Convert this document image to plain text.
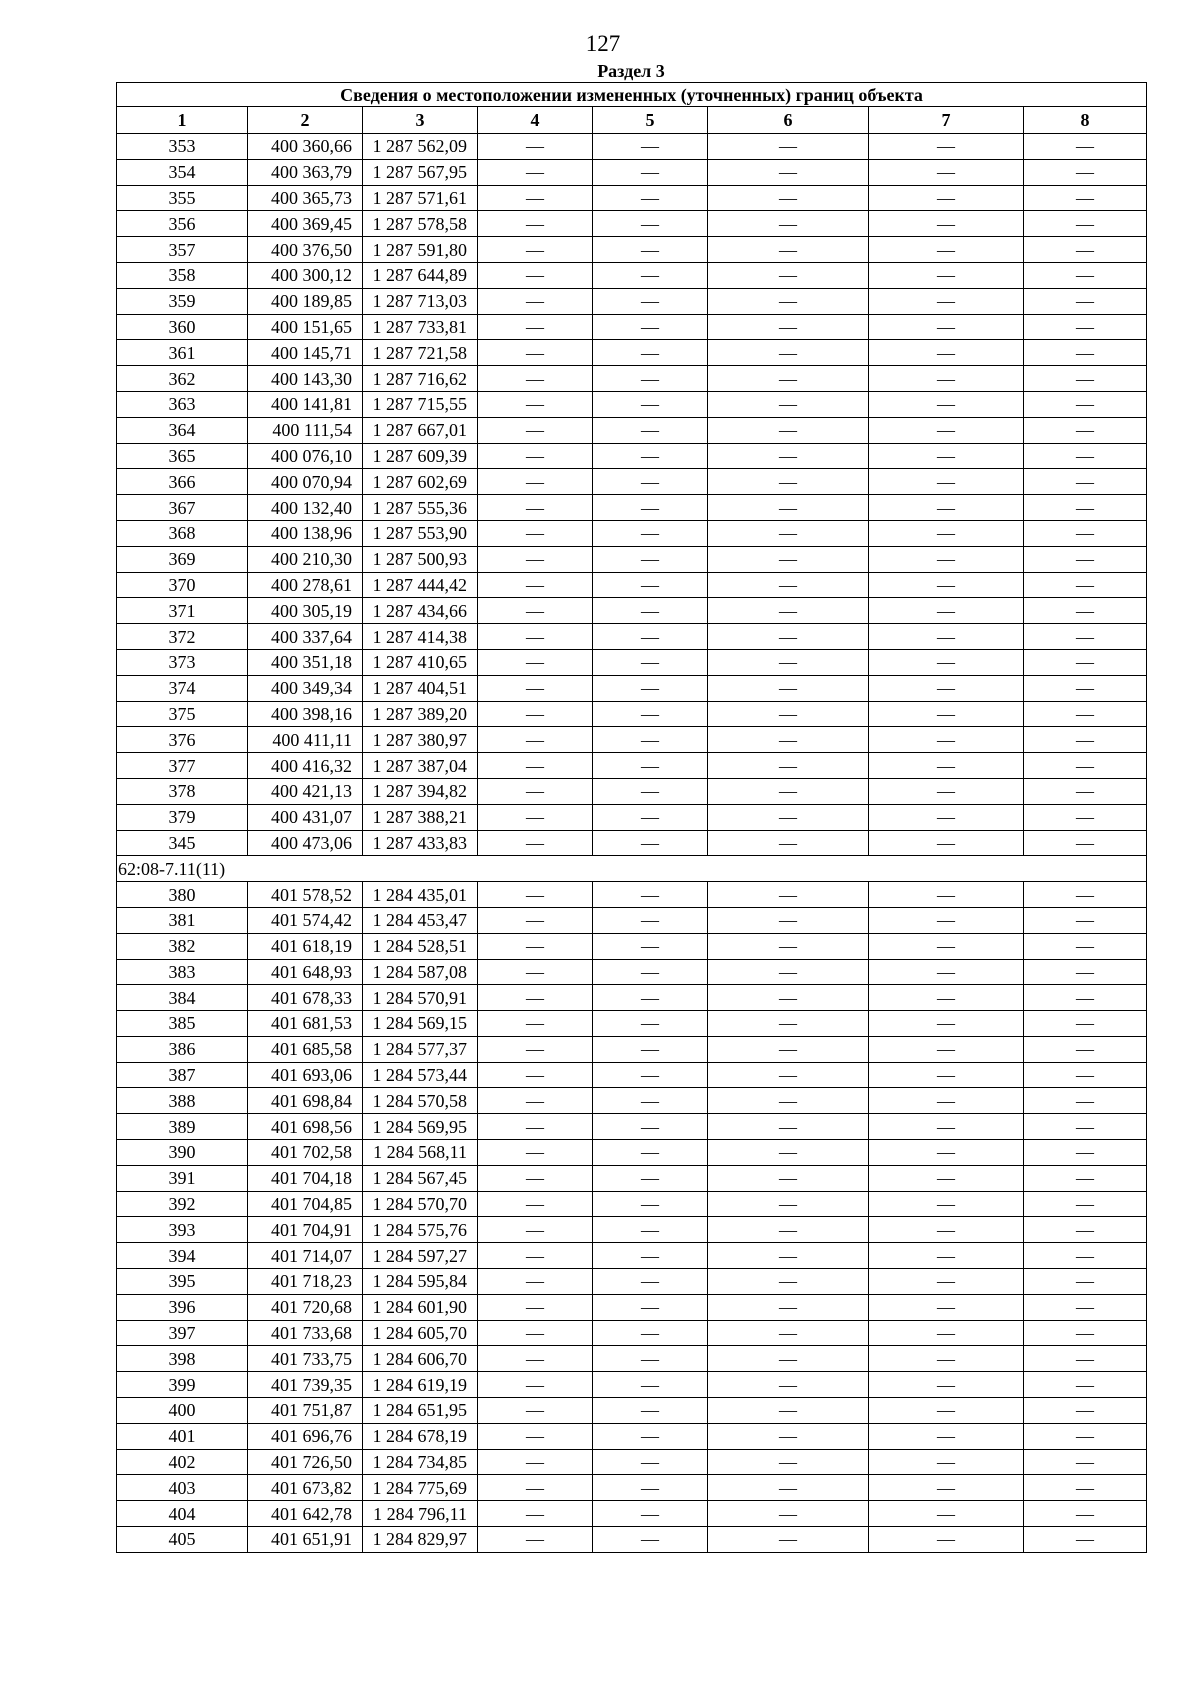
127
Раздел 3
Сведения о местоположении измененных (уточненных) границ объекта							
1	2	3	4	5	6	7	8
353	400 360,66	1 287 562,09	—	—	—	—	—
354	400 363,79	1 287 567,95	—	—	—	—	—
355	400 365,73	1 287 571,61	—	—	—	—	—
356	400 369,45	1 287 578,58	—	—	—	—	—
357	400 376,50	1 287 591,80	—	—	—	—	—
358	400 300,12	1 287 644,89	—	—	—	—	—
359	400 189,85	1 287 713,03	—	—	—	—	—
360	400 151,65	1 287 733,81	—	—	—	—	—
361	400 145,71	1 287 721,58	—	—	—	—	—
362	400 143,30	1 287 716,62	—	—	—	—	—
363	400 141,81	1 287 715,55	—	—	—	—	—
364	400 111,54	1 287 667,01	—	—	—	—	—
365	400 076,10	1 287 609,39	—	—	—	—	—
366	400 070,94	1 287 602,69	—	—	—	—	—
367	400 132,40	1 287 555,36	—	—	—	—	—
368	400 138,96	1 287 553,90	—	—	—	—	—
369	400 210,30	1 287 500,93	—	—	—	—	—
370	400 278,61	1 287 444,42	—	—	—	—	—
371	400 305,19	1 287 434,66	—	—	—	—	—
372	400 337,64	1 287 414,38	—	—	—	—	—
373	400 351,18	1 287 410,65	—	—	—	—	—
374	400 349,34	1 287 404,51	—	—	—	—	—
375	400 398,16	1 287 389,20	—	—	—	—	—
376	400 411,11	1 287 380,97	—	—	—	—	—
377	400 416,32	1 287 387,04	—	—	—	—	—
378	400 421,13	1 287 394,82	—	—	—	—	—
379	400 431,07	1 287 388,21	—	—	—	—	—
345	400 473,06	1 287 433,83	—	—	—	—	—
62:08-7.11(11)							
380	401 578,52	1 284 435,01	—	—	—	—	—
381	401 574,42	1 284 453,47	—	—	—	—	—
382	401 618,19	1 284 528,51	—	—	—	—	—
383	401 648,93	1 284 587,08	—	—	—	—	—
384	401 678,33	1 284 570,91	—	—	—	—	—
385	401 681,53	1 284 569,15	—	—	—	—	—
386	401 685,58	1 284 577,37	—	—	—	—	—
387	401 693,06	1 284 573,44	—	—	—	—	—
388	401 698,84	1 284 570,58	—	—	—	—	—
389	401 698,56	1 284 569,95	—	—	—	—	—
390	401 702,58	1 284 568,11	—	—	—	—	—
391	401 704,18	1 284 567,45	—	—	—	—	—
392	401 704,85	1 284 570,70	—	—	—	—	—
393	401 704,91	1 284 575,76	—	—	—	—	—
394	401 714,07	1 284 597,27	—	—	—	—	—
395	401 718,23	1 284 595,84	—	—	—	—	—
396	401 720,68	1 284 601,90	—	—	—	—	—
397	401 733,68	1 284 605,70	—	—	—	—	—
398	401 733,75	1 284 606,70	—	—	—	—	—
399	401 739,35	1 284 619,19	—	—	—	—	—
400	401 751,87	1 284 651,95	—	—	—	—	—
401	401 696,76	1 284 678,19	—	—	—	—	—
402	401 726,50	1 284 734,85	—	—	—	—	—
403	401 673,82	1 284 775,69	—	—	—	—	—
404	401 642,78	1 284 796,11	—	—	—	—	—
405	401 651,91	1 284 829,97	—	—	—	—	—
